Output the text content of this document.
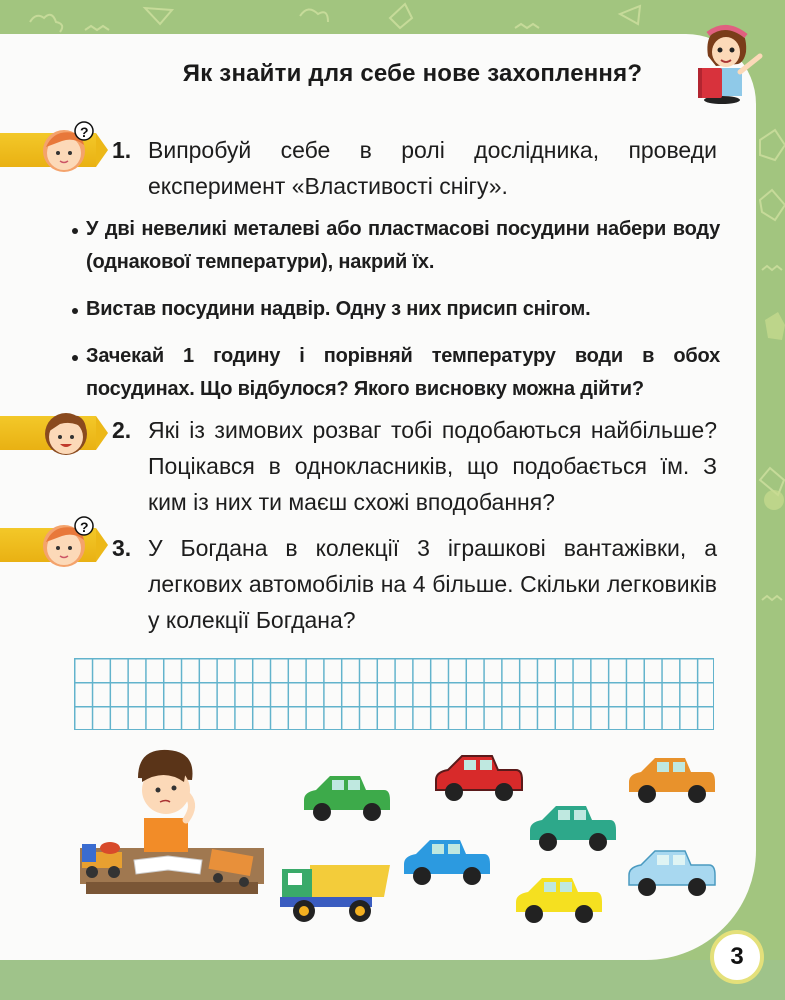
Як знайти для себе нове захоплення?
?
1. Випробуй себе в ролі дослідника, проведи експеримент «Властивості снігу».

У дві невеликі металеві або пластмасові посудини набери воду (однакової температури), накрий їх.

Вистав посудини надвір. Одну з них присип снігом.

Зачекай 1 годину і порівняй температуру води в обох посудинах. Що відбулося? Якого висновку можна дійти?

2. Які із зимових розваг тобі подобаються найбільше? Поцікався в однокласників, що подобається їм. З ким із них ти маєш схожі вподобання?

?
3. У Богдана в колекції 3 іграшкові вантажівки, а легкових автомобілів на 4 більше. Скільки легковиків у колекції Богдана?

3
